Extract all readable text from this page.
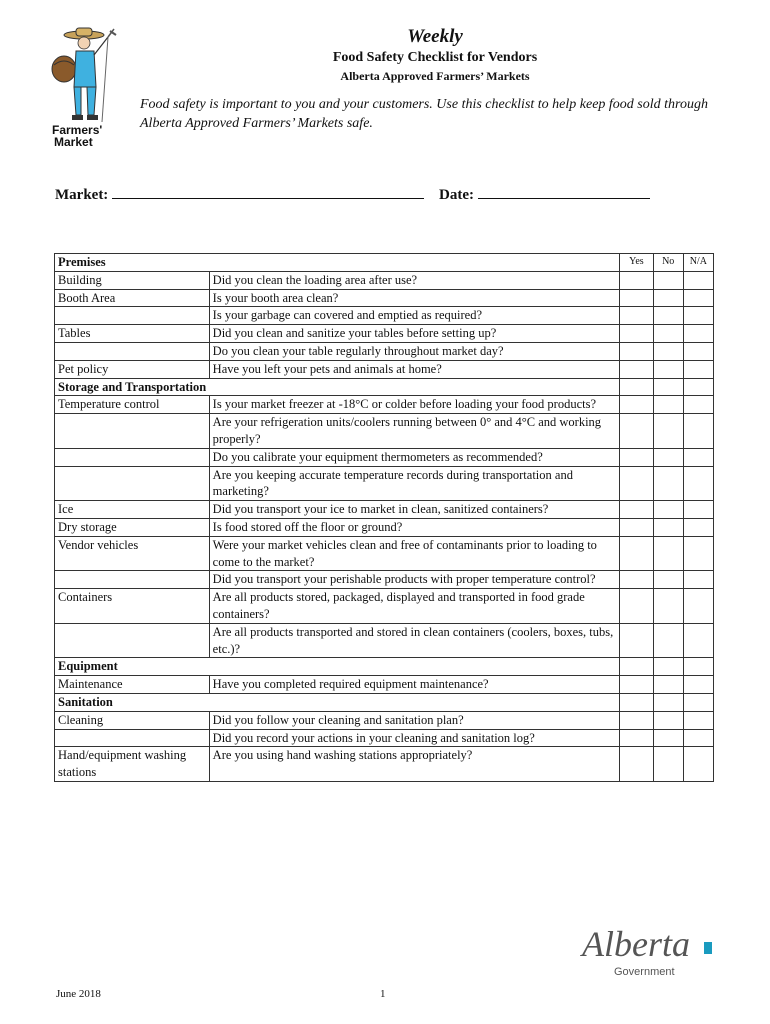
Farmers'
Market
Weekly
Food Safety Checklist for Vendors
Alberta Approved Farmers’ Markets
Food safety is important to you and your customers. Use this checklist to help keep food sold through Alberta Approved Farmers’ Markets safe.
Market:	Date:
Premises		Yes	No	N/A
Building	Did you clean the loading area after use?			
Booth Area	Is your booth area clean?			
	Is your garbage can covered and emptied as required?			
Tables	Did you clean and sanitize your tables before setting up?			
	Do you clean your table regularly throughout market day?			
Pet policy	Have you left your pets and animals at home?			
Storage and Transportation				
Temperature control	Is your market freezer at -18°C or colder before loading your food products?			
	Are your refrigeration units/coolers running between 0° and 4°C and working properly?			
	Do you calibrate your equipment thermometers as recommended?			
	Are you keeping accurate temperature records during transportation and marketing?			
Ice	Did you transport your ice to market in clean, sanitized containers?			
Dry storage	Is food stored off the floor or ground?			
Vendor vehicles	Were your market vehicles clean and free of contaminants prior to loading to come to the market?			
	Did you transport your perishable products with proper temperature control?			
Containers	Are all products stored, packaged, displayed and transported in food grade containers?			
	Are all products transported and stored in clean containers (coolers, boxes, tubs, etc.)?			
Equipment				
Maintenance	Have you completed required equipment maintenance?			
Sanitation				
Cleaning	Did you follow your cleaning and sanitation plan?			
	Did you record your actions in your cleaning and sanitation log?			
Hand/equipment washing stations	Are you using hand washing stations appropriately?			
June 2018	1
Alberta
Government
